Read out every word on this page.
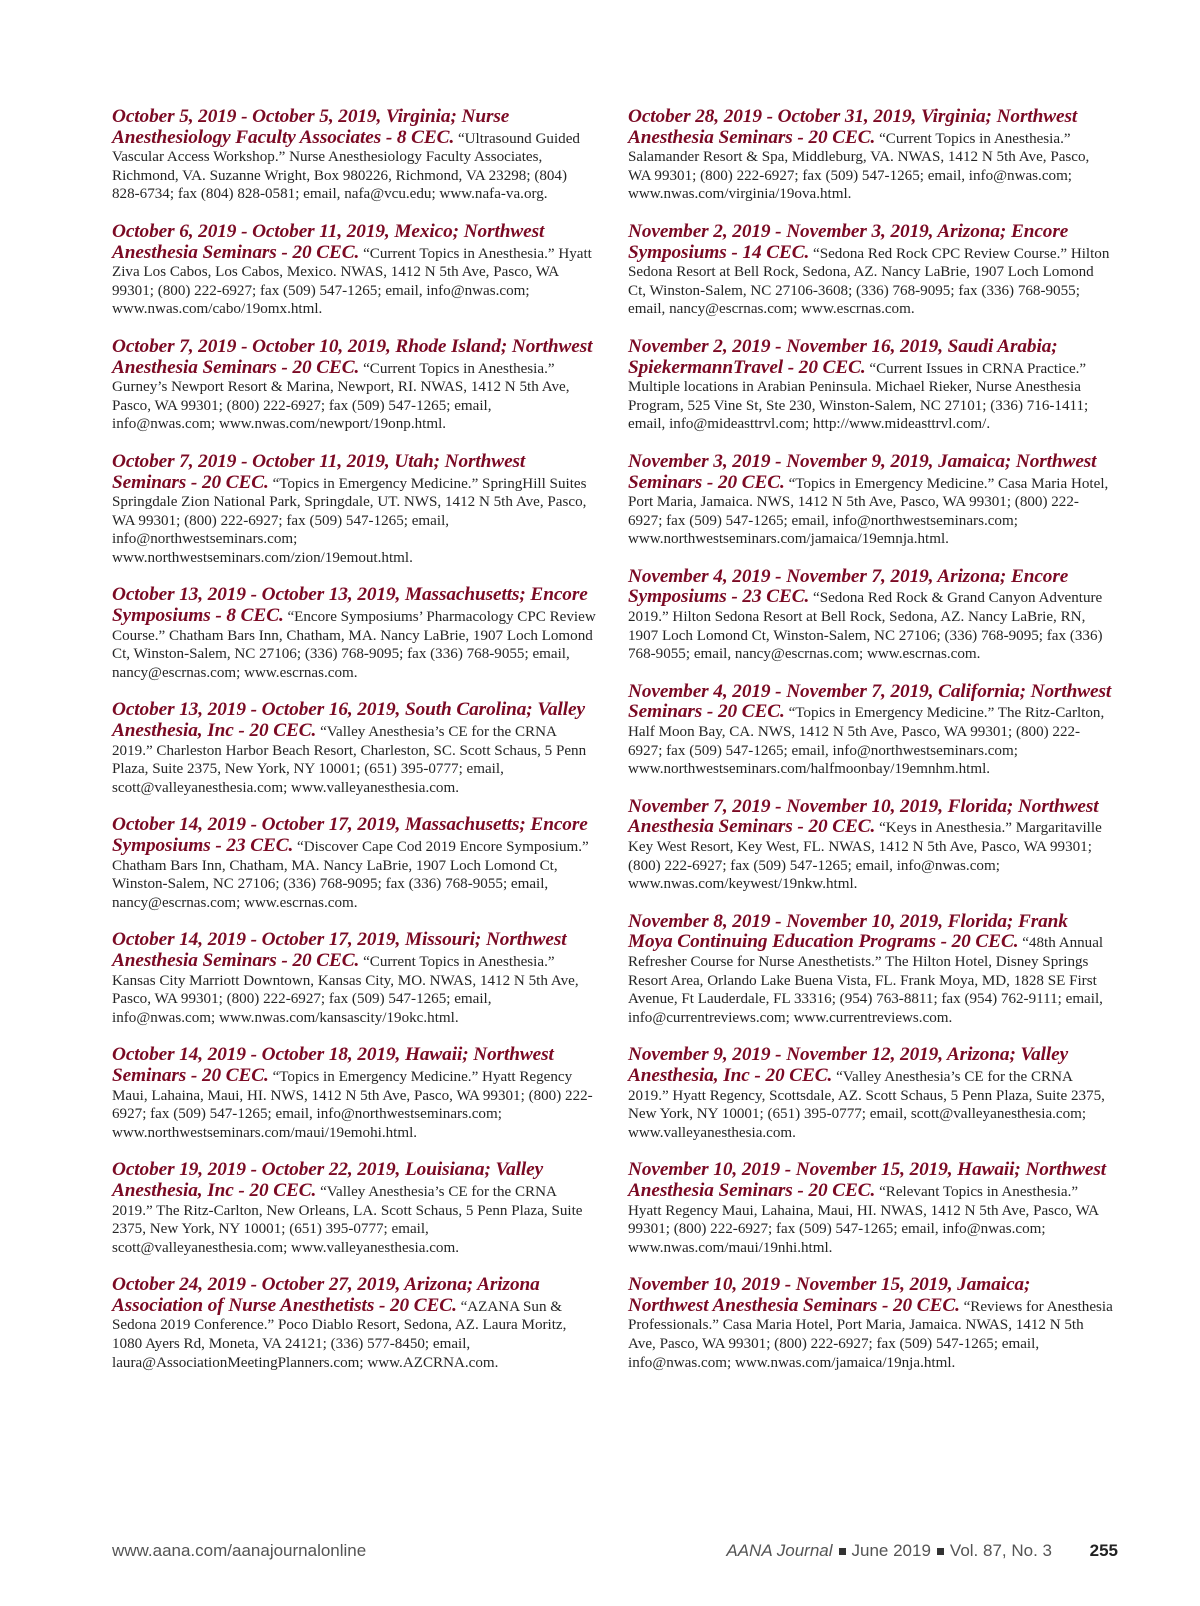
October 5, 2019 - October 5, 2019, Virginia; Nurse Anesthesiology Faculty Associates - 8 CEC. “Ultrasound Guided Vascular Access Workshop.” Nurse Anesthesiology Faculty Associates, Richmond, VA. Suzanne Wright, Box 980226, Richmond, VA 23298; (804) 828-6734; fax (804) 828-0581; email, nafa@vcu.edu; www.nafa-va.org.
October 6, 2019 - October 11, 2019, Mexico; Northwest Anesthesia Seminars - 20 CEC. “Current Topics in Anesthesia.” Hyatt Ziva Los Cabos, Los Cabos, Mexico. NWAS, 1412 N 5th Ave, Pasco, WA 99301; (800) 222-6927; fax (509) 547-1265; email, info@nwas.com; www.nwas.com/cabo/19omx.html.
October 7, 2019 - October 10, 2019, Rhode Island; Northwest Anesthesia Seminars - 20 CEC. “Current Topics in Anesthesia.” Gurney’s Newport Resort & Marina, Newport, RI. NWAS, 1412 N 5th Ave, Pasco, WA 99301; (800) 222-6927; fax (509) 547-1265; email, info@nwas.com; www.nwas.com/newport/19onp.html.
October 7, 2019 - October 11, 2019, Utah; Northwest Seminars - 20 CEC. “Topics in Emergency Medicine.” SpringHill Suites Springdale Zion National Park, Springdale, UT. NWS, 1412 N 5th Ave, Pasco, WA 99301; (800) 222-6927; fax (509) 547-1265; email, info@northwestseminars.com; www.northwestseminars.com/zion/19emout.html.
October 13, 2019 - October 13, 2019, Massachusetts; Encore Symposiums - 8 CEC. “Encore Symposiums’ Pharmacology CPC Review Course.” Chatham Bars Inn, Chatham, MA. Nancy LaBrie, 1907 Loch Lomond Ct, Winston-Salem, NC 27106; (336) 768-9095; fax (336) 768-9055; email, nancy@escrnas.com; www.escrnas.com.
October 13, 2019 - October 16, 2019, South Carolina; Valley Anesthesia, Inc - 20 CEC. “Valley Anesthesia’s CE for the CRNA 2019.” Charleston Harbor Beach Resort, Charleston, SC. Scott Schaus, 5 Penn Plaza, Suite 2375, New York, NY 10001; (651) 395-0777; email, scott@valleyanesthesia.com; www.valleyanesthesia.com.
October 14, 2019 - October 17, 2019, Massachusetts; Encore Symposiums - 23 CEC. “Discover Cape Cod 2019 Encore Symposium.” Chatham Bars Inn, Chatham, MA. Nancy LaBrie, 1907 Loch Lomond Ct, Winston-Salem, NC 27106; (336) 768-9095; fax (336) 768-9055; email, nancy@escrnas.com; www.escrnas.com.
October 14, 2019 - October 17, 2019, Missouri; Northwest Anesthesia Seminars - 20 CEC. “Current Topics in Anesthesia.” Kansas City Marriott Downtown, Kansas City, MO. NWAS, 1412 N 5th Ave, Pasco, WA 99301; (800) 222-6927; fax (509) 547-1265; email, info@nwas.com; www.nwas.com/kansascity/19okc.html.
October 14, 2019 - October 18, 2019, Hawaii; Northwest Seminars - 20 CEC. “Topics in Emergency Medicine.” Hyatt Regency Maui, Lahaina, Maui, HI. NWS, 1412 N 5th Ave, Pasco, WA 99301; (800) 222-6927; fax (509) 547-1265; email, info@northwestseminars.com; www.northwestseminars.com/maui/19emohi.html.
October 19, 2019 - October 22, 2019, Louisiana; Valley Anesthesia, Inc - 20 CEC. “Valley Anesthesia’s CE for the CRNA 2019.” The Ritz-Carlton, New Orleans, LA. Scott Schaus, 5 Penn Plaza, Suite 2375, New York, NY 10001; (651) 395-0777; email, scott@valleyanesthesia.com; www.valleyanesthesia.com.
October 24, 2019 - October 27, 2019, Arizona; Arizona Association of Nurse Anesthetists - 20 CEC. “AZANA Sun & Sedona 2019 Conference.” Poco Diablo Resort, Sedona, AZ. Laura Moritz, 1080 Ayers Rd, Moneta, VA 24121; (336) 577-8450; email, laura@AssociationMeetingPlanners.com; www.AZCRNA.com.
October 28, 2019 - October 31, 2019, Virginia; Northwest Anesthesia Seminars - 20 CEC. “Current Topics in Anesthesia.” Salamander Resort & Spa, Middleburg, VA. NWAS, 1412 N 5th Ave, Pasco, WA 99301; (800) 222-6927; fax (509) 547-1265; email, info@nwas.com; www.nwas.com/virginia/19ova.html.
November 2, 2019 - November 3, 2019, Arizona; Encore Symposiums - 14 CEC. “Sedona Red Rock CPC Review Course.” Hilton Sedona Resort at Bell Rock, Sedona, AZ. Nancy LaBrie, 1907 Loch Lomond Ct, Winston-Salem, NC 27106-3608; (336) 768-9095; fax (336) 768-9055; email, nancy@escrnas.com; www.escrnas.com.
November 2, 2019 - November 16, 2019, Saudi Arabia; SpiekermannTravel - 20 CEC. “Current Issues in CRNA Practice.” Multiple locations in Arabian Peninsula. Michael Rieker, Nurse Anesthesia Program, 525 Vine St, Ste 230, Winston-Salem, NC 27101; (336) 716-1411; email, info@mideasttrvl.com; http://www.mideasttrvl.com/.
November 3, 2019 - November 9, 2019, Jamaica; Northwest Seminars - 20 CEC. “Topics in Emergency Medicine.” Casa Maria Hotel, Port Maria, Jamaica. NWS, 1412 N 5th Ave, Pasco, WA 99301; (800) 222-6927; fax (509) 547-1265; email, info@northwestseminars.com; www.northwestseminars.com/jamaica/19emnja.html.
November 4, 2019 - November 7, 2019, Arizona; Encore Symposiums - 23 CEC. “Sedona Red Rock & Grand Canyon Adventure 2019.” Hilton Sedona Resort at Bell Rock, Sedona, AZ. Nancy LaBrie, RN, 1907 Loch Lomond Ct, Winston-Salem, NC 27106; (336) 768-9095; fax (336) 768-9055; email, nancy@escrnas.com; www.escrnas.com.
November 4, 2019 - November 7, 2019, California; Northwest Seminars - 20 CEC. “Topics in Emergency Medicine.” The Ritz-Carlton, Half Moon Bay, CA. NWS, 1412 N 5th Ave, Pasco, WA 99301; (800) 222-6927; fax (509) 547-1265; email, info@northwestseminars.com; www.northwestseminars.com/halfmoonbay/19emnhm.html.
November 7, 2019 - November 10, 2019, Florida; Northwest Anesthesia Seminars - 20 CEC. “Keys in Anesthesia.” Margaritaville Key West Resort, Key West, FL. NWAS, 1412 N 5th Ave, Pasco, WA 99301; (800) 222-6927; fax (509) 547-1265; email, info@nwas.com; www.nwas.com/keywest/19nkw.html.
November 8, 2019 - November 10, 2019, Florida; Frank Moya Continuing Education Programs - 20 CEC. “48th Annual Refresher Course for Nurse Anesthetists.” The Hilton Hotel, Disney Springs Resort Area, Orlando Lake Buena Vista, FL. Frank Moya, MD, 1828 SE First Avenue, Ft Lauderdale, FL 33316; (954) 763-8811; fax (954) 762-9111; email, info@currentreviews.com; www.currentreviews.com.
November 9, 2019 - November 12, 2019, Arizona; Valley Anesthesia, Inc - 20 CEC. “Valley Anesthesia’s CE for the CRNA 2019.” Hyatt Regency, Scottsdale, AZ. Scott Schaus, 5 Penn Plaza, Suite 2375, New York, NY 10001; (651) 395-0777; email, scott@valleyanesthesia.com; www.valleyanesthesia.com.
November 10, 2019 - November 15, 2019, Hawaii; Northwest Anesthesia Seminars - 20 CEC. “Relevant Topics in Anesthesia.” Hyatt Regency Maui, Lahaina, Maui, HI. NWAS, 1412 N 5th Ave, Pasco, WA 99301; (800) 222-6927; fax (509) 547-1265; email, info@nwas.com; www.nwas.com/maui/19nhi.html.
November 10, 2019 - November 15, 2019, Jamaica; Northwest Anesthesia Seminars - 20 CEC. “Reviews for Anesthesia Professionals.” Casa Maria Hotel, Port Maria, Jamaica. NWAS, 1412 N 5th Ave, Pasco, WA 99301; (800) 222-6927; fax (509) 547-1265; email, info@nwas.com; www.nwas.com/jamaica/19nja.html.
www.aana.com/aanajournalonline	AANA Journal June 2019 Vol. 87, No. 3 255
